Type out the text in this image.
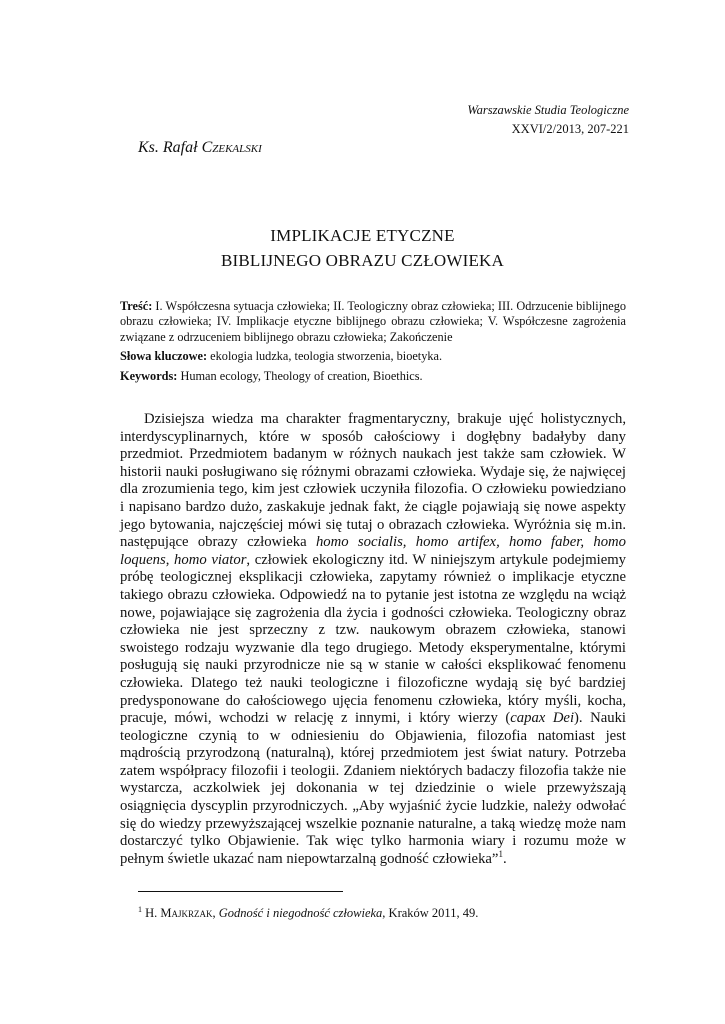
Warszawskie Studia Teologiczne
XXVI/2/2013, 207-221
Ks. Rafał Czekalski
IMPLIKACJE ETYCZNE
BIBLIJNEGO OBRAZU CZŁOWIEKA

Treść: I. Współczesna sytuacja człowieka; II. Teologiczny obraz człowieka; III. Odrzucenie biblijnego obrazu człowieka; IV. Implikacje etyczne biblijnego obrazu człowieka; V. Współczesne zagrożenia związane z odrzuceniem biblijnego obrazu człowieka; Zakończenie

Słowa kluczowe: ekologia ludzka, teologia stworzenia, bioetyka.

Keywords: Human ecology, Theology of creation, Bioethics.

Dzisiejsza wiedza ma charakter fragmentaryczny, brakuje ujęć holistycznych, interdyscyplinarnych, które w sposób całościowy i dogłębny badałyby dany przedmiot. Przedmiotem badanym w różnych naukach jest także sam człowiek. W historii nauki posługiwano się różnymi obrazami człowieka. Wydaje się, że najwięcej dla zrozumienia tego, kim jest człowiek uczyniła filozofia. O człowieku powiedziano i napisano bardzo dużo, zaskakuje jednak fakt, że ciągle pojawiają się nowe aspekty jego bytowania, najczęściej mówi się tutaj o obrazach człowieka. Wyróżnia się m.in. następujące obrazy człowieka homo socialis, homo artifex, homo faber, homo loquens, homo viator, człowiek ekologiczny itd. W niniejszym artykule podejmiemy próbę teologicznej eksplikacji człowieka, zapytamy również o implikacje etyczne takiego obrazu człowieka. Odpowiedź na to pytanie jest istotna ze względu na wciąż nowe, pojawiające się zagrożenia dla życia i godności człowieka. Teologiczny obraz człowieka nie jest sprzeczny z tzw. naukowym obrazem człowieka, stanowi swoistego rodzaju wyzwanie dla tego drugiego. Metody eksperymentalne, którymi posługują się nauki przyrodnicze nie są w stanie w całości eksplikować fenomenu człowieka. Dlatego też nauki teologiczne i filozoficzne wydają się być bardziej predysponowane do całościowego ujęcia fenomenu człowieka, który myśli, kocha, pracuje, mówi, wchodzi w relację z innymi, i który wierzy (capax Dei). Nauki teologiczne czynią to w odniesieniu do Objawienia, filozofia natomiast jest mądrością przyrodzoną (naturalną), której przedmiotem jest świat natury. Potrzeba zatem współpracy filozofii i teologii. Zdaniem niektórych badaczy filozofia także nie wystarcza, aczkolwiek jej dokonania w tej dziedzinie o wiele przewyższają osiągnięcia dyscyplin przyrodniczych. „Aby wyjaśnić życie ludzkie, należy odwołać się do wiedzy przewyższającej wszelkie poznanie naturalne, a taką wiedzę może nam dostarczyć tylko Objawienie. Tak więc tylko harmonia wiary i rozumu może w pełnym świetle ukazać nam niepowtarzalną godność człowieka”$^1$.

$^1$ H. Majkrzak, Godność i niegodność człowieka, Kraków 2011, 49.
